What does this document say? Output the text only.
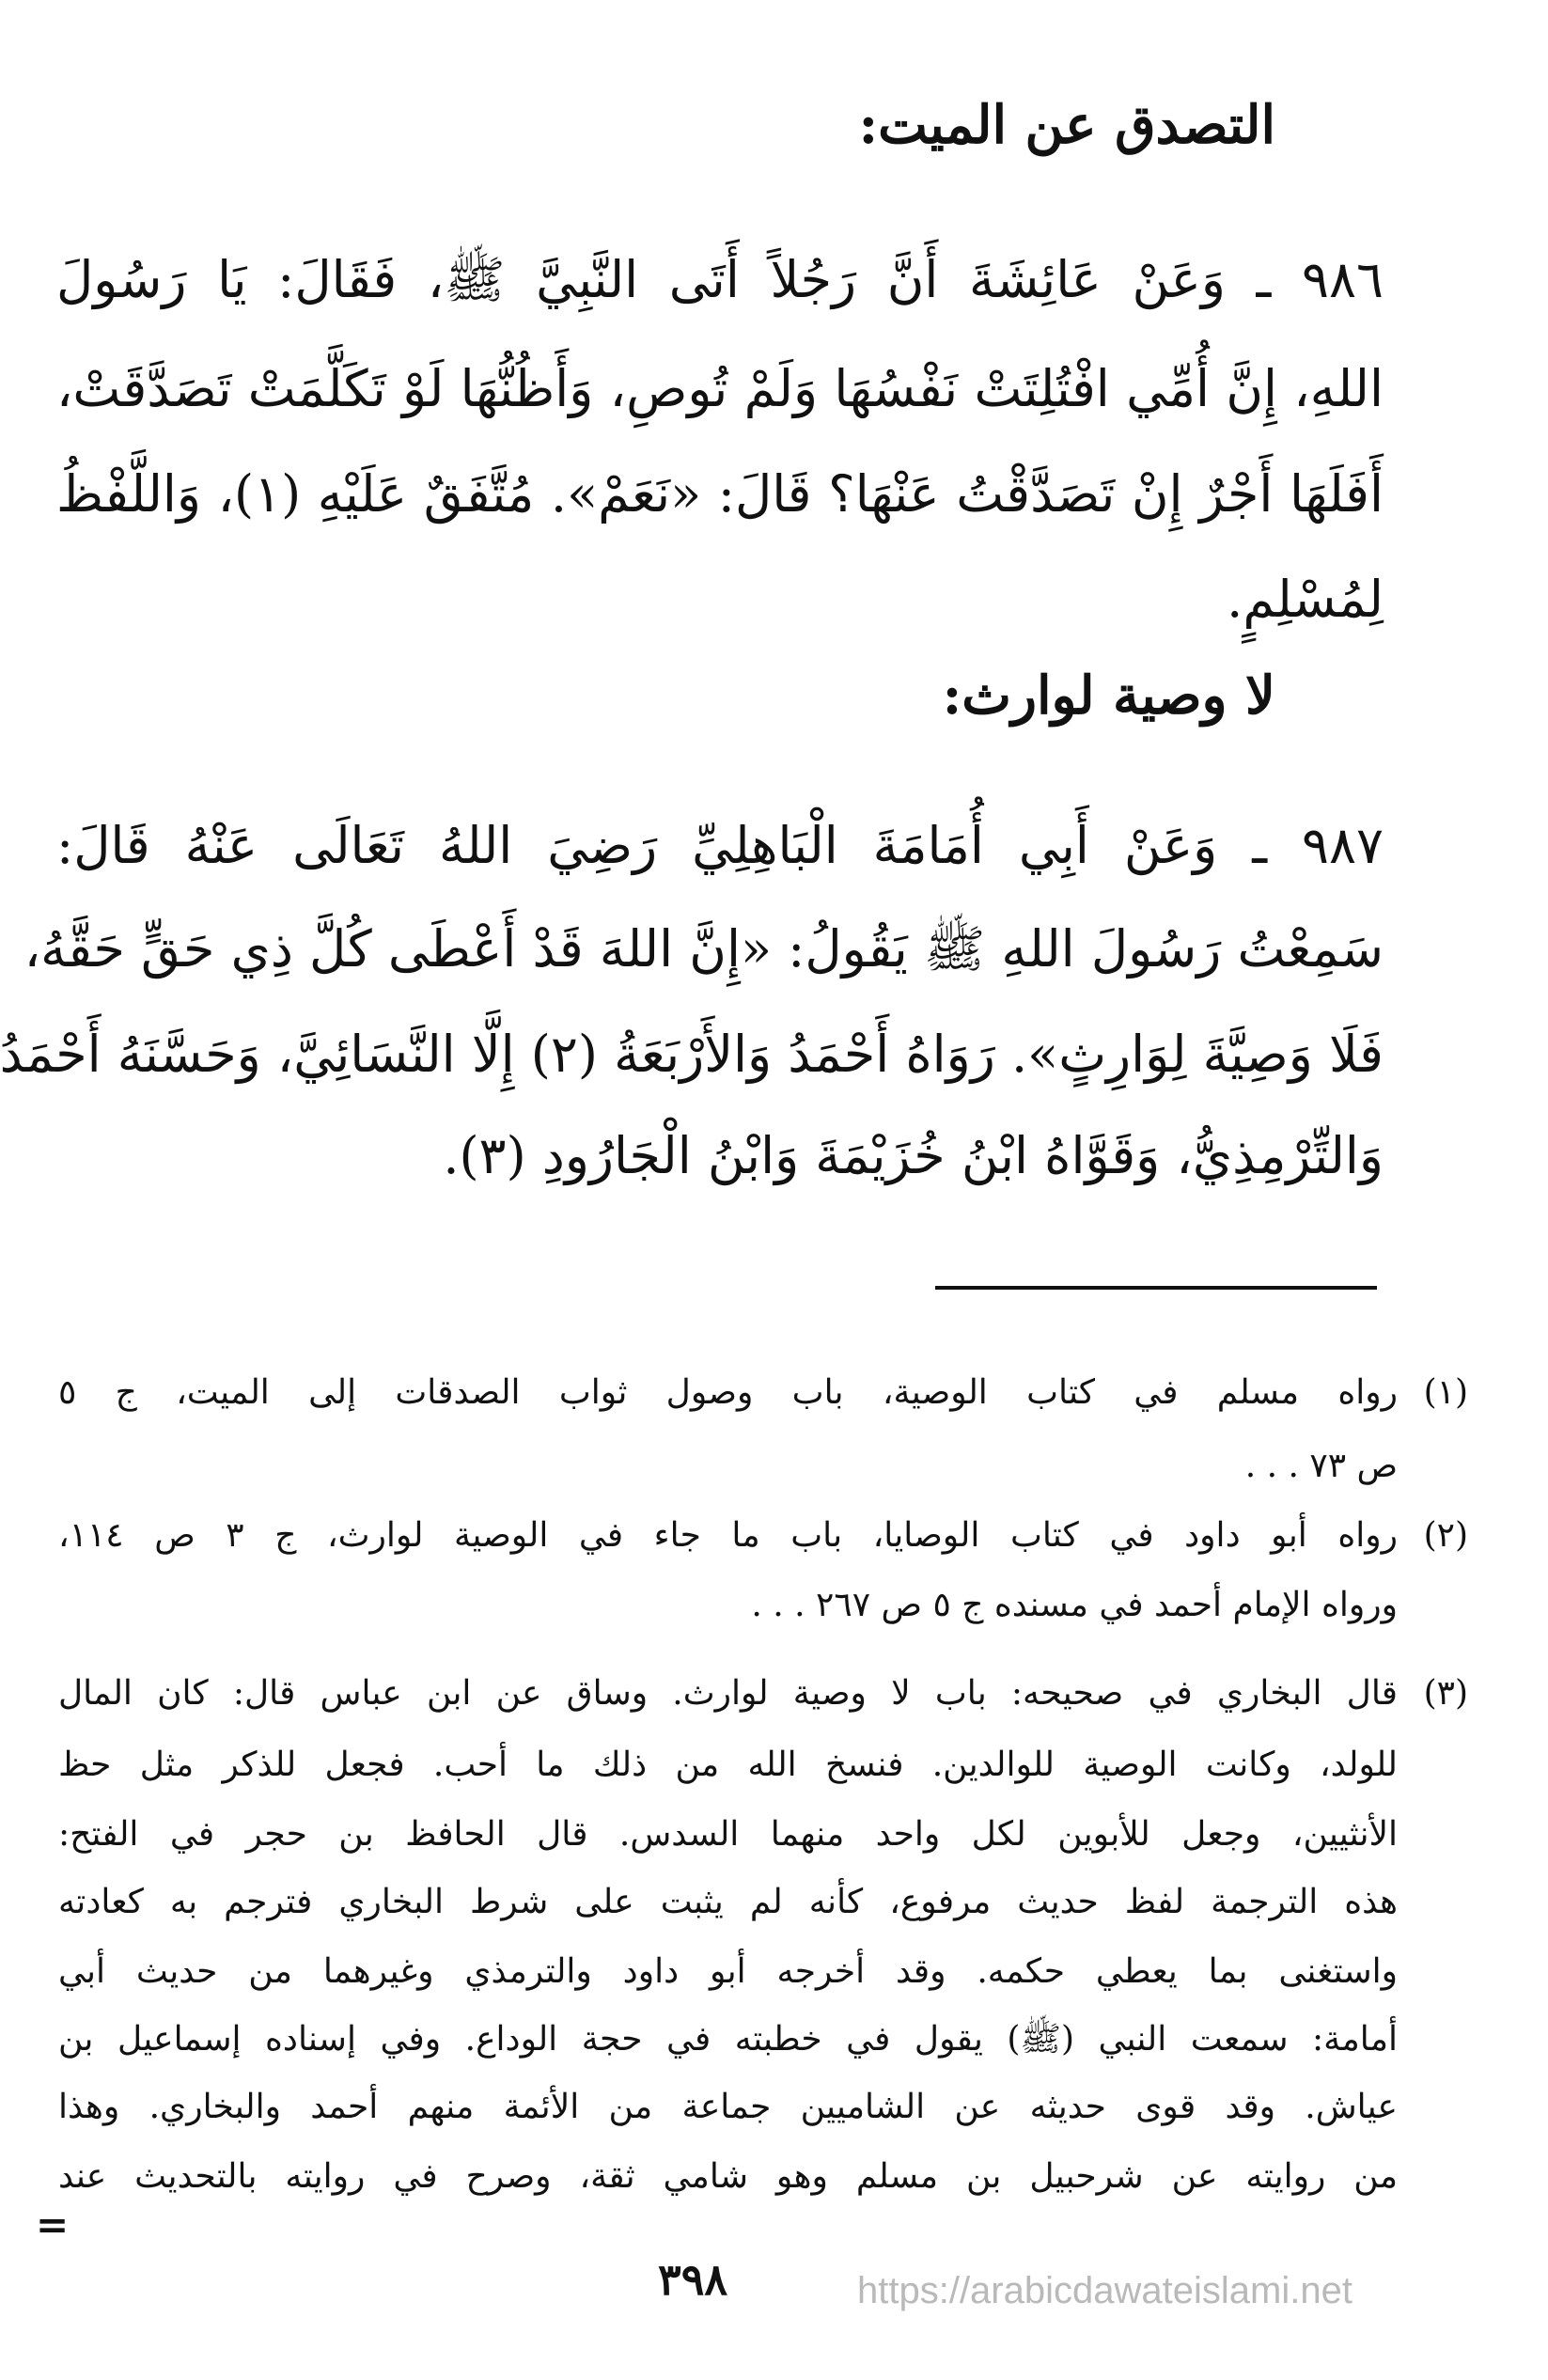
التصدق عن الميت:
٩٨٦ ـ وَعَنْ عَائِشَةَ أَنَّ رَجُلاً أَتَى النَّبِيَّ ﷺ، فَقَالَ: يَا رَسُولَ
اللهِ، إِنَّ أُمِّي افْتُلِتَتْ نَفْسُهَا وَلَمْ تُوصِ، وَأَظُنُّهَا لَوْ تَكَلَّمَتْ تَصَدَّقَتْ،
أَفَلَهَا أَجْرٌ إِنْ تَصَدَّقْتُ عَنْهَا؟ قَالَ: «نَعَمْ». مُتَّفَقٌ عَلَيْهِ (١)، وَاللَّفْظُ
لِمُسْلِمٍ.
لا وصية لوارث:
٩٨٧ ـ وَعَنْ أَبِي أُمَامَةَ الْبَاهِلِيِّ رَضِيَ اللهُ تَعَالَى عَنْهُ قَالَ:
سَمِعْتُ رَسُولَ اللهِ ﷺ يَقُولُ: «إِنَّ اللهَ قَدْ أَعْطَى كُلَّ ذِي حَقٍّ حَقَّهُ،
فَلَا وَصِيَّةَ لِوَارِثٍ». رَوَاهُ أَحْمَدُ وَالأَرْبَعَةُ (٢) إِلَّا النَّسَائِيَّ، وَحَسَّنَهُ أَحْمَدُ
وَالتِّرْمِذِيُّ، وَقَوَّاهُ ابْنُ خُزَيْمَةَ وَابْنُ الْجَارُودِ (٣).
(١)
رواه مسلم في كتاب الوصية، باب وصول ثواب الصدقات إلى الميت، ج ٥
ص ٧٣ . . .
(٢)
رواه أبو داود في كتاب الوصايا، باب ما جاء في الوصية لوارث، ج ٣ ص ١١٤،
ورواه الإمام أحمد في مسنده ج ٥ ص ٢٦٧ . . .
(٣)
قال البخاري في صحيحه: باب لا وصية لوارث. وساق عن ابن عباس قال: كان المال
للولد، وكانت الوصية للوالدين. فنسخ الله من ذلك ما أحب. فجعل للذكر مثل حظ
الأنثيين، وجعل للأبوين لكل واحد منهما السدس. قال الحافظ بن حجر في الفتح:
هذه الترجمة لفظ حديث مرفوع، كأنه لم يثبت على شرط البخاري فترجم به كعادته
واستغنى بما يعطي حكمه. وقد أخرجه أبو داود والترمذي وغيرهما من حديث أبي
أمامة: سمعت النبي (ﷺ) يقول في خطبته في حجة الوداع. وفي إسناده إسماعيل بن
عياش. وقد قوى حديثه عن الشاميين جماعة من الأئمة منهم أحمد والبخاري. وهذا
من روايته عن شرحبيل بن مسلم وهو شامي ثقة، وصرح في روايته بالتحديث عند
=
٣٩٨	https://arabicdawateislami.net
